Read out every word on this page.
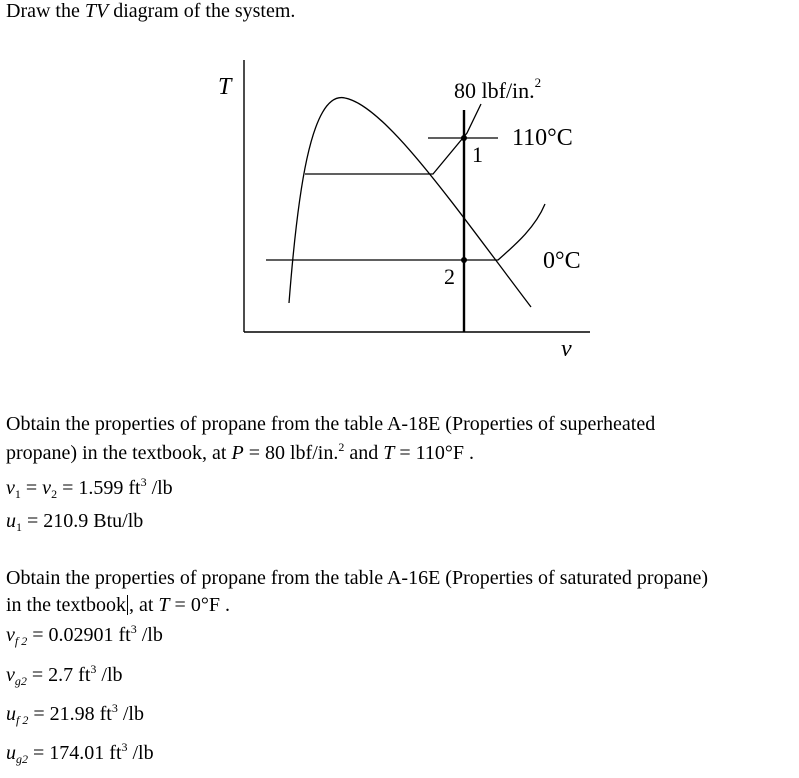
Draw the TV diagram of the system.
T
v
80 lbf/in.$^2$
110°C
0°C
1
2
Obtain the properties of propane from the table A-18E (Properties of superheated
propane) in the textbook, at P = 80 lbf/in.$^2$ and T = 110°F .
$v_1 = v_2 = 1.599$ $ft^3$ /lb
$u_1 = 210.9$ Btu/lb
Obtain the properties of propane from the table A-16E (Properties of saturated propane)
in the textbook , at T = 0°F .
$v_{f 2} = 0.02901$ $ft^3$ /lb
$v_{g2} = 2.7$ $ft^3$ /lb
$u_{f 2} = 21.98$ $ft^3$ /lb
$u_{g2} = 174.01$ $ft^3$ /lb
